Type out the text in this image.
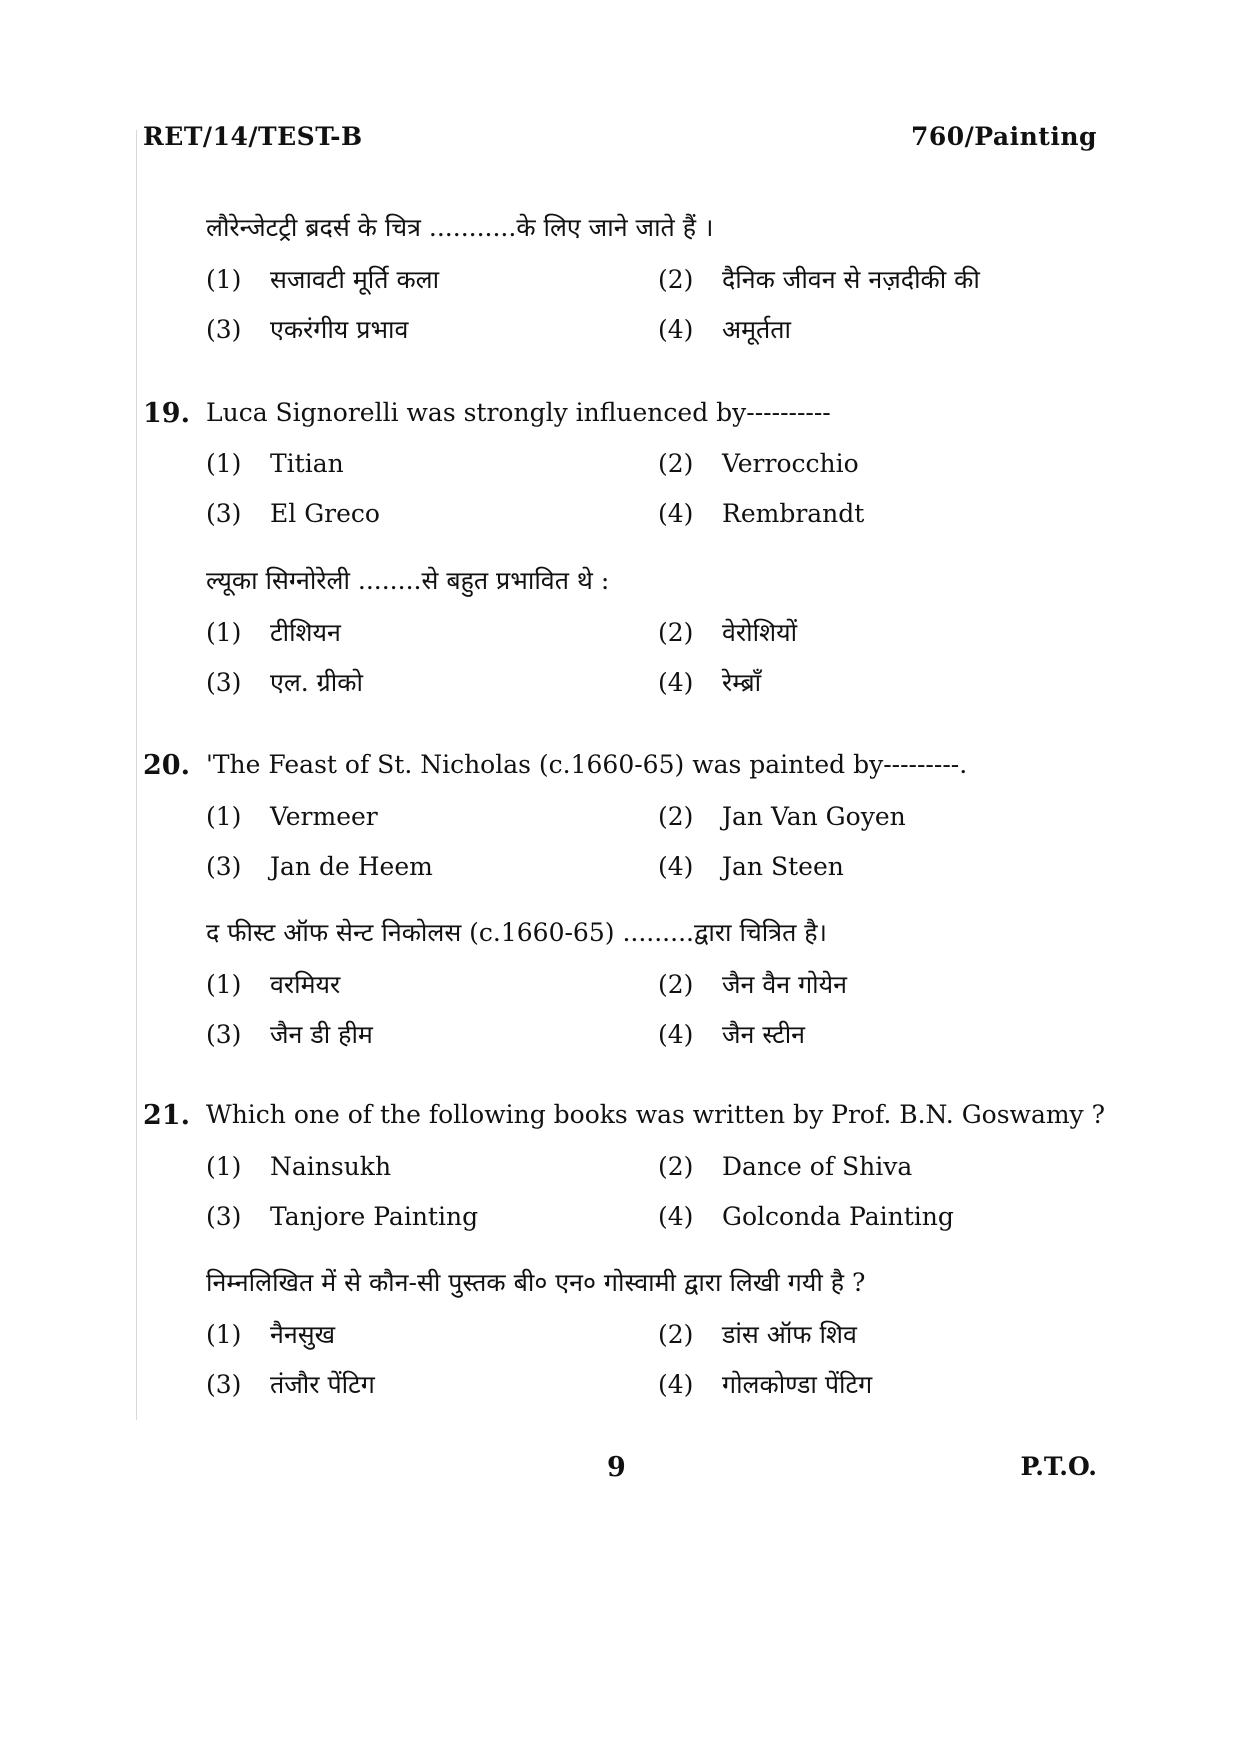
RET/14/TEST-B	760/Painting
लौरेन्जेटट्री ब्रदर्स के चित्र ...........के लिए जाने जाते हैं ।
(1) सजावटी मूर्ति कला	(2) दैनिक जीवन से नज़दीकी की
(3) एकरंगीय प्रभाव	(4) अमूर्तता
19. Luca Signorelli was strongly influenced by----------
(1) Titian	(2) Verrocchio
(3) El Greco	(4) Rembrandt
ल्यूका सिग्नोरेली ........से बहुत प्रभावित थे :
(1) टीशियन	(2) वेरोशियों
(3) एल. ग्रीको	(4) रेम्ब्राँ
20. 'The Feast of St. Nicholas (c.1660-65) was painted by---------.
(1) Vermeer	(2) Jan Van Goyen
(3) Jan de Heem	(4) Jan Steen
द फीस्ट ऑफ सेन्ट निकोलस (c.1660-65) .........द्वारा चित्रित है।
(1) वरमियर	(2) जैन वैन गोयेन
(3) जैन डी हीम	(4) जैन स्टीन
21. Which one of the following books was written by Prof. B.N. Goswamy ?
(1) Nainsukh	(2) Dance of Shiva
(3) Tanjore Painting	(4) Golconda Painting
निम्नलिखित में से कौन-सी पुस्तक बी० एन० गोस्वामी द्वारा लिखी गयी है ?
(1) नैनसुख	(2) डांस ऑफ शिव
(3) तंजौर पेंटिग	(4) गोलकोण्डा पेंटिग
9	P.T.O.
